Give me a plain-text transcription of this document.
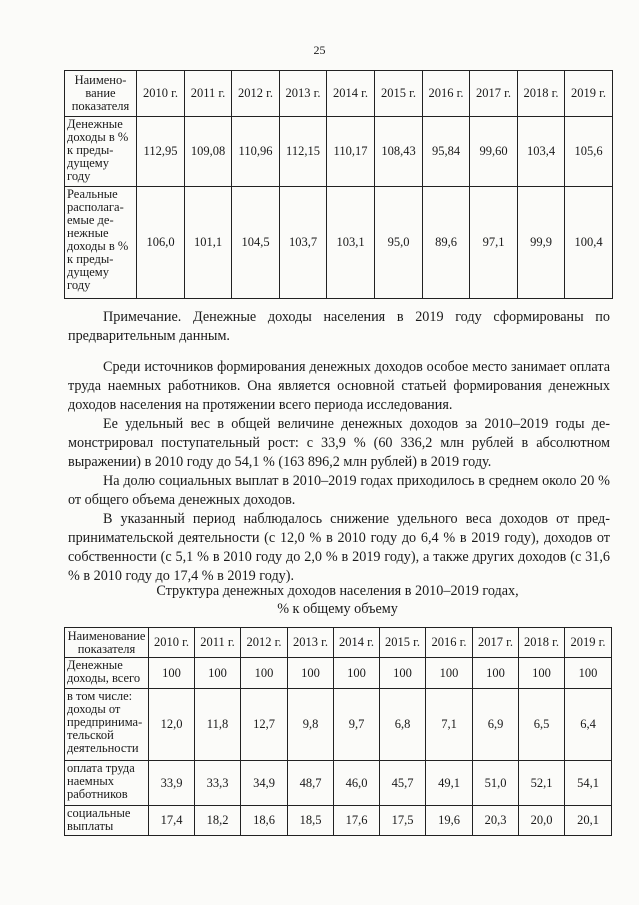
25
Наимено-вание показателя	2010 г.	2011 г.	2012 г.	2013 г.	2014 г.	2015 г.	2016 г.	2017 г.	2018 г.	2019 г.
Денежные доходы в % к преды-дущему году	112,95	109,08	110,96	112,15	110,17	108,43	95,84	99,60	103,4	105,6
Реальные располага-емые де-нежные доходы в % к преды-дущему году	106,0	101,1	104,5	103,7	103,1	95,0	89,6	97,1	99,9	100,4

Примечание. Денежные доходы населения в 2019 году сформированы по предварительным данным.

Среди источников формирования денежных доходов особое место занимает оплата труда наемных работников. Она является основной статьей формирования денежных доходов населения на протяжении всего периода исследования.

Ее удельный вес в общей величине денежных доходов за 2010–2019 годы де-монстрировал поступательный рост: с 33,9 % (60 336,2 млн рублей в абсолютном выражении) в 2010 году до 54,1 % (163 896,2 млн рублей) в 2019 году.

На долю социальных выплат в 2010–2019 годах приходилось в среднем около 20 % от общего объема денежных доходов.

В указанный период наблюдалось снижение удельного веса доходов от пред-принимательской деятельности (с 12,0 % в 2010 году до 6,4 % в 2019 году), доходов от собственности (с 5,1 % в 2010 году до 2,0 % в 2019 году), а также других доходов (с 31,6 % в 2010 году до 17,4 % в 2019 году).

Структура денежных доходов населения в 2010–2019 годах,
% к общему объему
Наименование показателя	2010 г.	2011 г.	2012 г.	2013 г.	2014 г.	2015 г.	2016 г.	2017 г.	2018 г.	2019 г.
Денежные доходы, всего	100	100	100	100	100	100	100	100	100	100
в том числе: доходы от предпринима-тельской деятельности	12,0	11,8	12,7	9,8	9,7	6,8	7,1	6,9	6,5	6,4
оплата труда наемных работников	33,9	33,3	34,9	48,7	46,0	45,7	49,1	51,0	52,1	54,1
социальные выплаты	17,4	18,2	18,6	18,5	17,6	17,5	19,6	20,3	20,0	20,1
